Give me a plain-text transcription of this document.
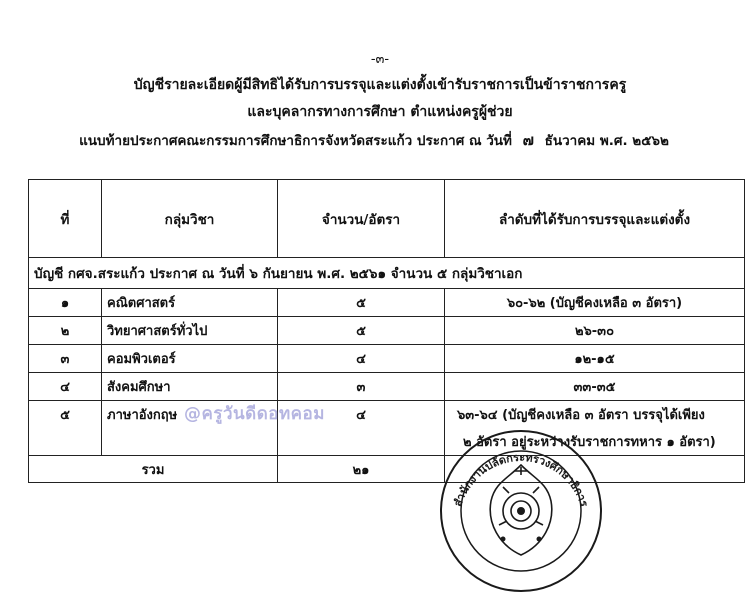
-๓-
บัญชีรายละเอียดผู้มีสิทธิได้รับการบรรจุและแต่งตั้งเข้ารับราชการเป็นข้าราชการครู
และบุคลากรทางการศึกษา ตำแหน่งครูผู้ช่วย
แนบท้ายประกาศคณะกรรมการศึกษาธิการจังหวัดสระแก้ว ประกาศ ณ วันที่ ๗ ธันวาคม พ.ศ. ๒๕๖๒
ที่	กลุ่มวิชา	จำนวน/อัตรา	ลำดับที่ได้รับการบรรจุและแต่งตั้ง
บัญชี กศจ.สระแก้ว ประกาศ ณ วันที่ ๖ กันยายน พ.ศ. ๒๕๖๑ จำนวน ๕ กลุ่มวิชาเอก			
๑	คณิตศาสตร์	๕	๖๐-๖๒ (บัญชีคงเหลือ ๓ อัตรา)
๒	วิทยาศาสตร์ทั่วไป	๕	๒๖-๓๐
๓	คอมพิวเตอร์	๔	๑๒-๑๕
๔	สังคมศึกษา	๓	๓๓-๓๕
๕	ภาษาอังกฤษ	๔	๖๓-๖๔ (บัญชีคงเหลือ ๓ อัตรา บรรจุได้เพียง
			๒ อัตรา อยู่ระหว่างรับราชการทหาร ๑ อัตรา)
รวม		๒๑	
@ครูวันดีดอทคอม
สำนักงานปลัดกระทรวงศึกษาธิการ
